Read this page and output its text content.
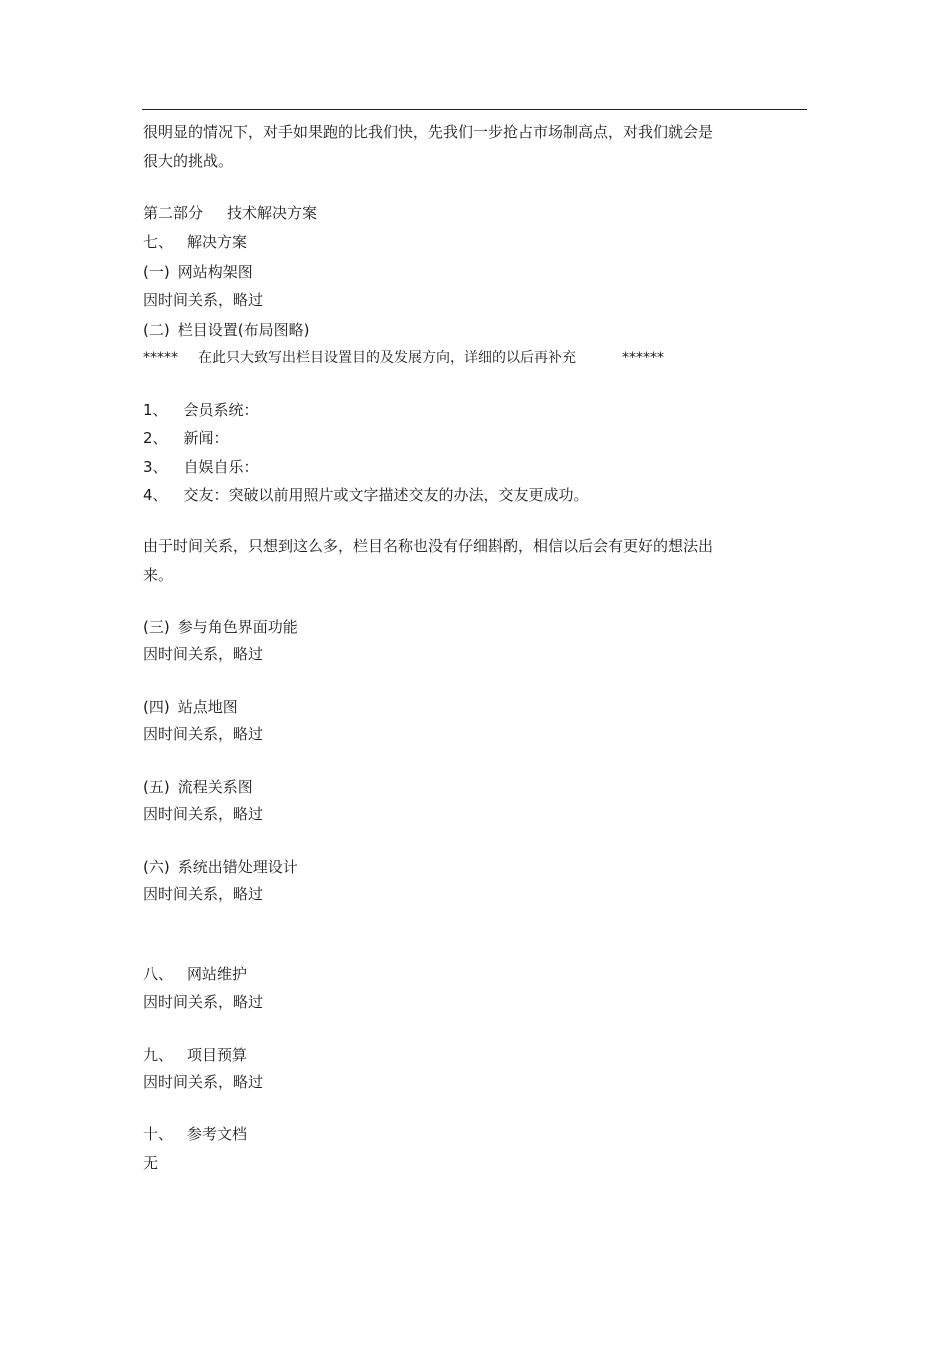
很明显的情况下，对手如果跑的比我们快，先我们一步抢占市场制高点，对我们就会是
很大的挑战。
第二部分 技术解决方案
七、 解决方案
(一) 网站构架图
因时间关系，略过
(二) 栏目设置(布局图略)
***** 在此只大致写出栏目设置目的及发展方向，详细的以后再补充	******
1、 会员系统：
2、 新闻：
3、 自娱自乐：
4、 交友：突破以前用照片或文字描述交友的办法，交友更成功。
由于时间关系，只想到这么多，栏目名称也没有仔细斟酌，相信以后会有更好的想法出
来。
(三) 参与角色界面功能
因时间关系，略过
(四) 站点地图
因时间关系，略过
(五) 流程关系图
因时间关系，略过
(六) 系统出错处理设计
因时间关系，略过
八、 网站维护
因时间关系，略过
九、 项目预算
因时间关系，略过
十、 参考文档
无
